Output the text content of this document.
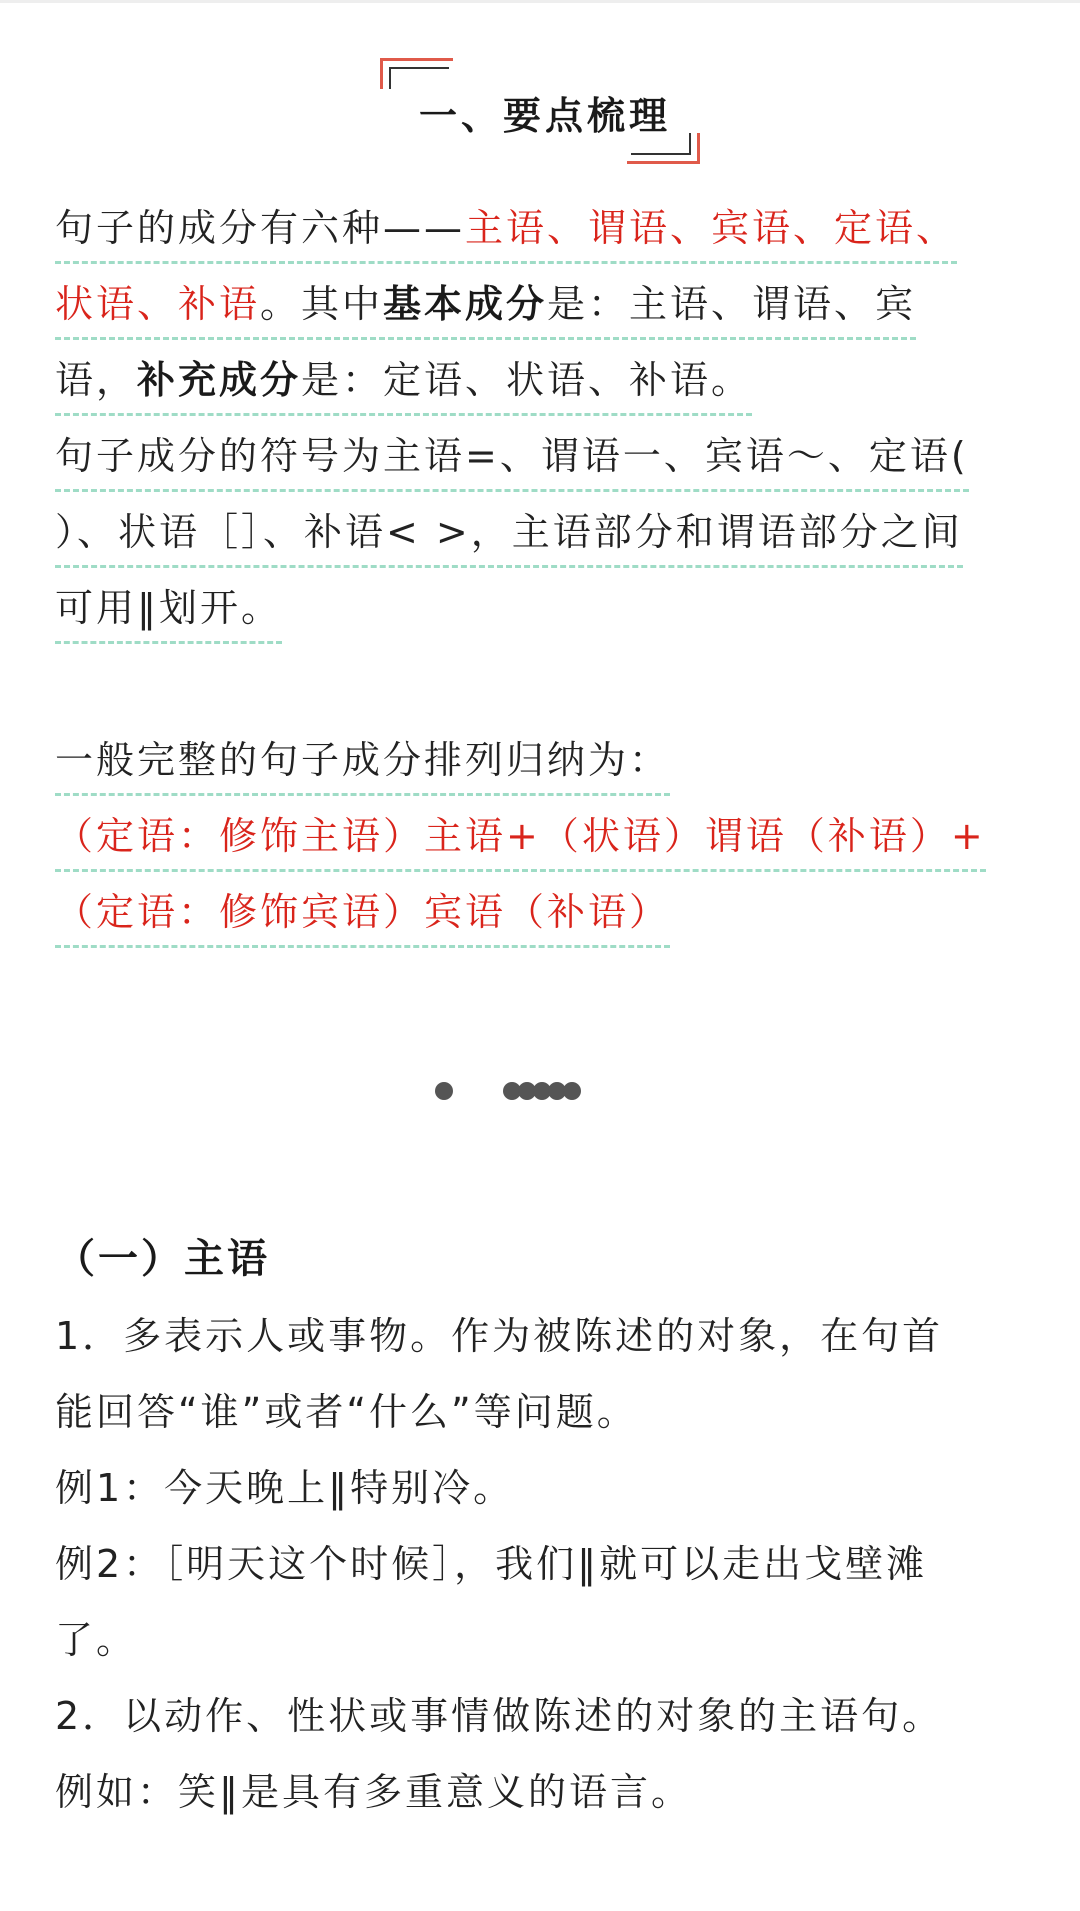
一、要点梳理
句子的成分有六种——主语、谓语、宾语、定语、
状语、补语。其中基本成分是：主语、谓语、宾
语，补充成分是：定语、状语、补语。
句子成分的符号为主语=、谓语一、宾语～、定语(
）、状语［］、补语< >，主语部分和谓语部分之间
可用‖划开。
一般完整的句子成分排列归纳为：
（定语：修饰主语）主语+（状语）谓语（补语）+
（定语：修饰宾语）宾语（补语）
（一）主语
1．多表示人或事物。作为被陈述的对象，在句首
能回答“谁”或者“什么”等问题。
例1：今天晚上‖特别冷。
例2：［明天这个时候］，我们‖就可以走出戈壁滩
了。
2．以动作、性状或事情做陈述的对象的主语句。
例如：笑‖是具有多重意义的语言。
